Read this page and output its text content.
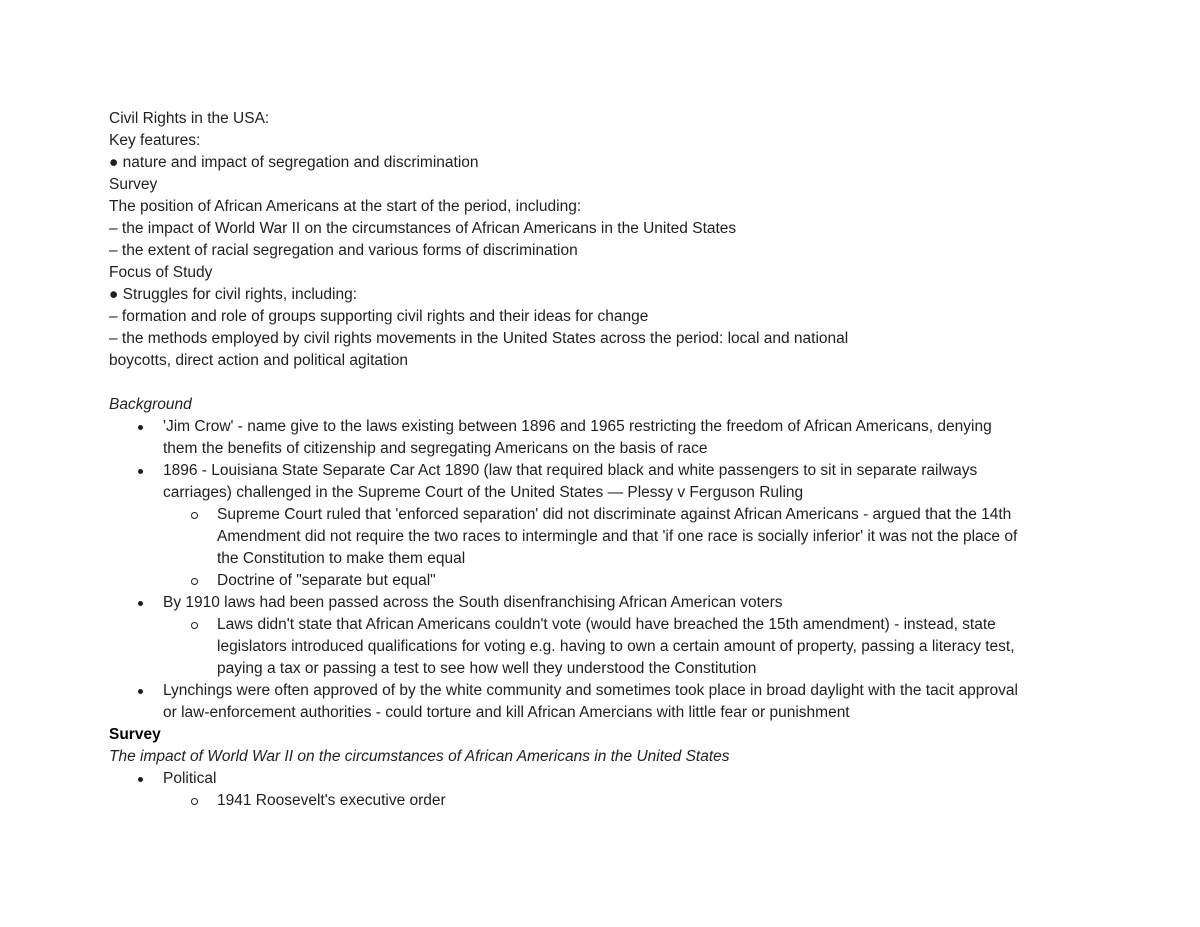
Civil Rights in the USA:

Key features:

● nature and impact of segregation and discrimination

Survey

The position of African Americans at the start of the period, including:

– the impact of World War II on the circumstances of African Americans in the United States

– the extent of racial segregation and various forms of discrimination

Focus of Study

● Struggles for civil rights, including:

– formation and role of groups supporting civil rights and their ideas for change

– the methods employed by civil rights movements in the United States across the period: local and national

boycotts, direct action and political agitation

Background

'Jim Crow' - name give to the laws existing between 1896 and 1965 restricting the freedom of African Americans, denying
them the benefits of citizenship and segregating Americans on the basis of race
1896 - Louisiana State Separate Car Act 1890 (law that required black and white passengers to sit in separate railways
carriages) challenged in the Supreme Court of the United States — Plessy v Ferguson Ruling
Supreme Court ruled that 'enforced separation' did not discriminate against African Americans - argued that the 14th
Amendment did not require the two races to intermingle and that 'if one race is socially inferior' it was not the place of
the Constitution to make them equal
Doctrine of "separate but equal"
By 1910 laws had been passed across the South disenfranchising African American voters
Laws didn't state that African Americans couldn't vote (would have breached the 15th amendment) - instead, state
legislators introduced qualifications for voting e.g. having to own a certain amount of property, passing a literacy test,
paying a tax or passing a test to see how well they understood the Constitution
Lynchings were often approved of by the white community and sometimes took place in broad daylight with the tacit approval
or law-enforcement authorities - could torture and kill African Amercians with little fear or punishment

Survey

The impact of World War II on the circumstances of African Americans in the United States

Political
1941 Roosevelt's executive order
